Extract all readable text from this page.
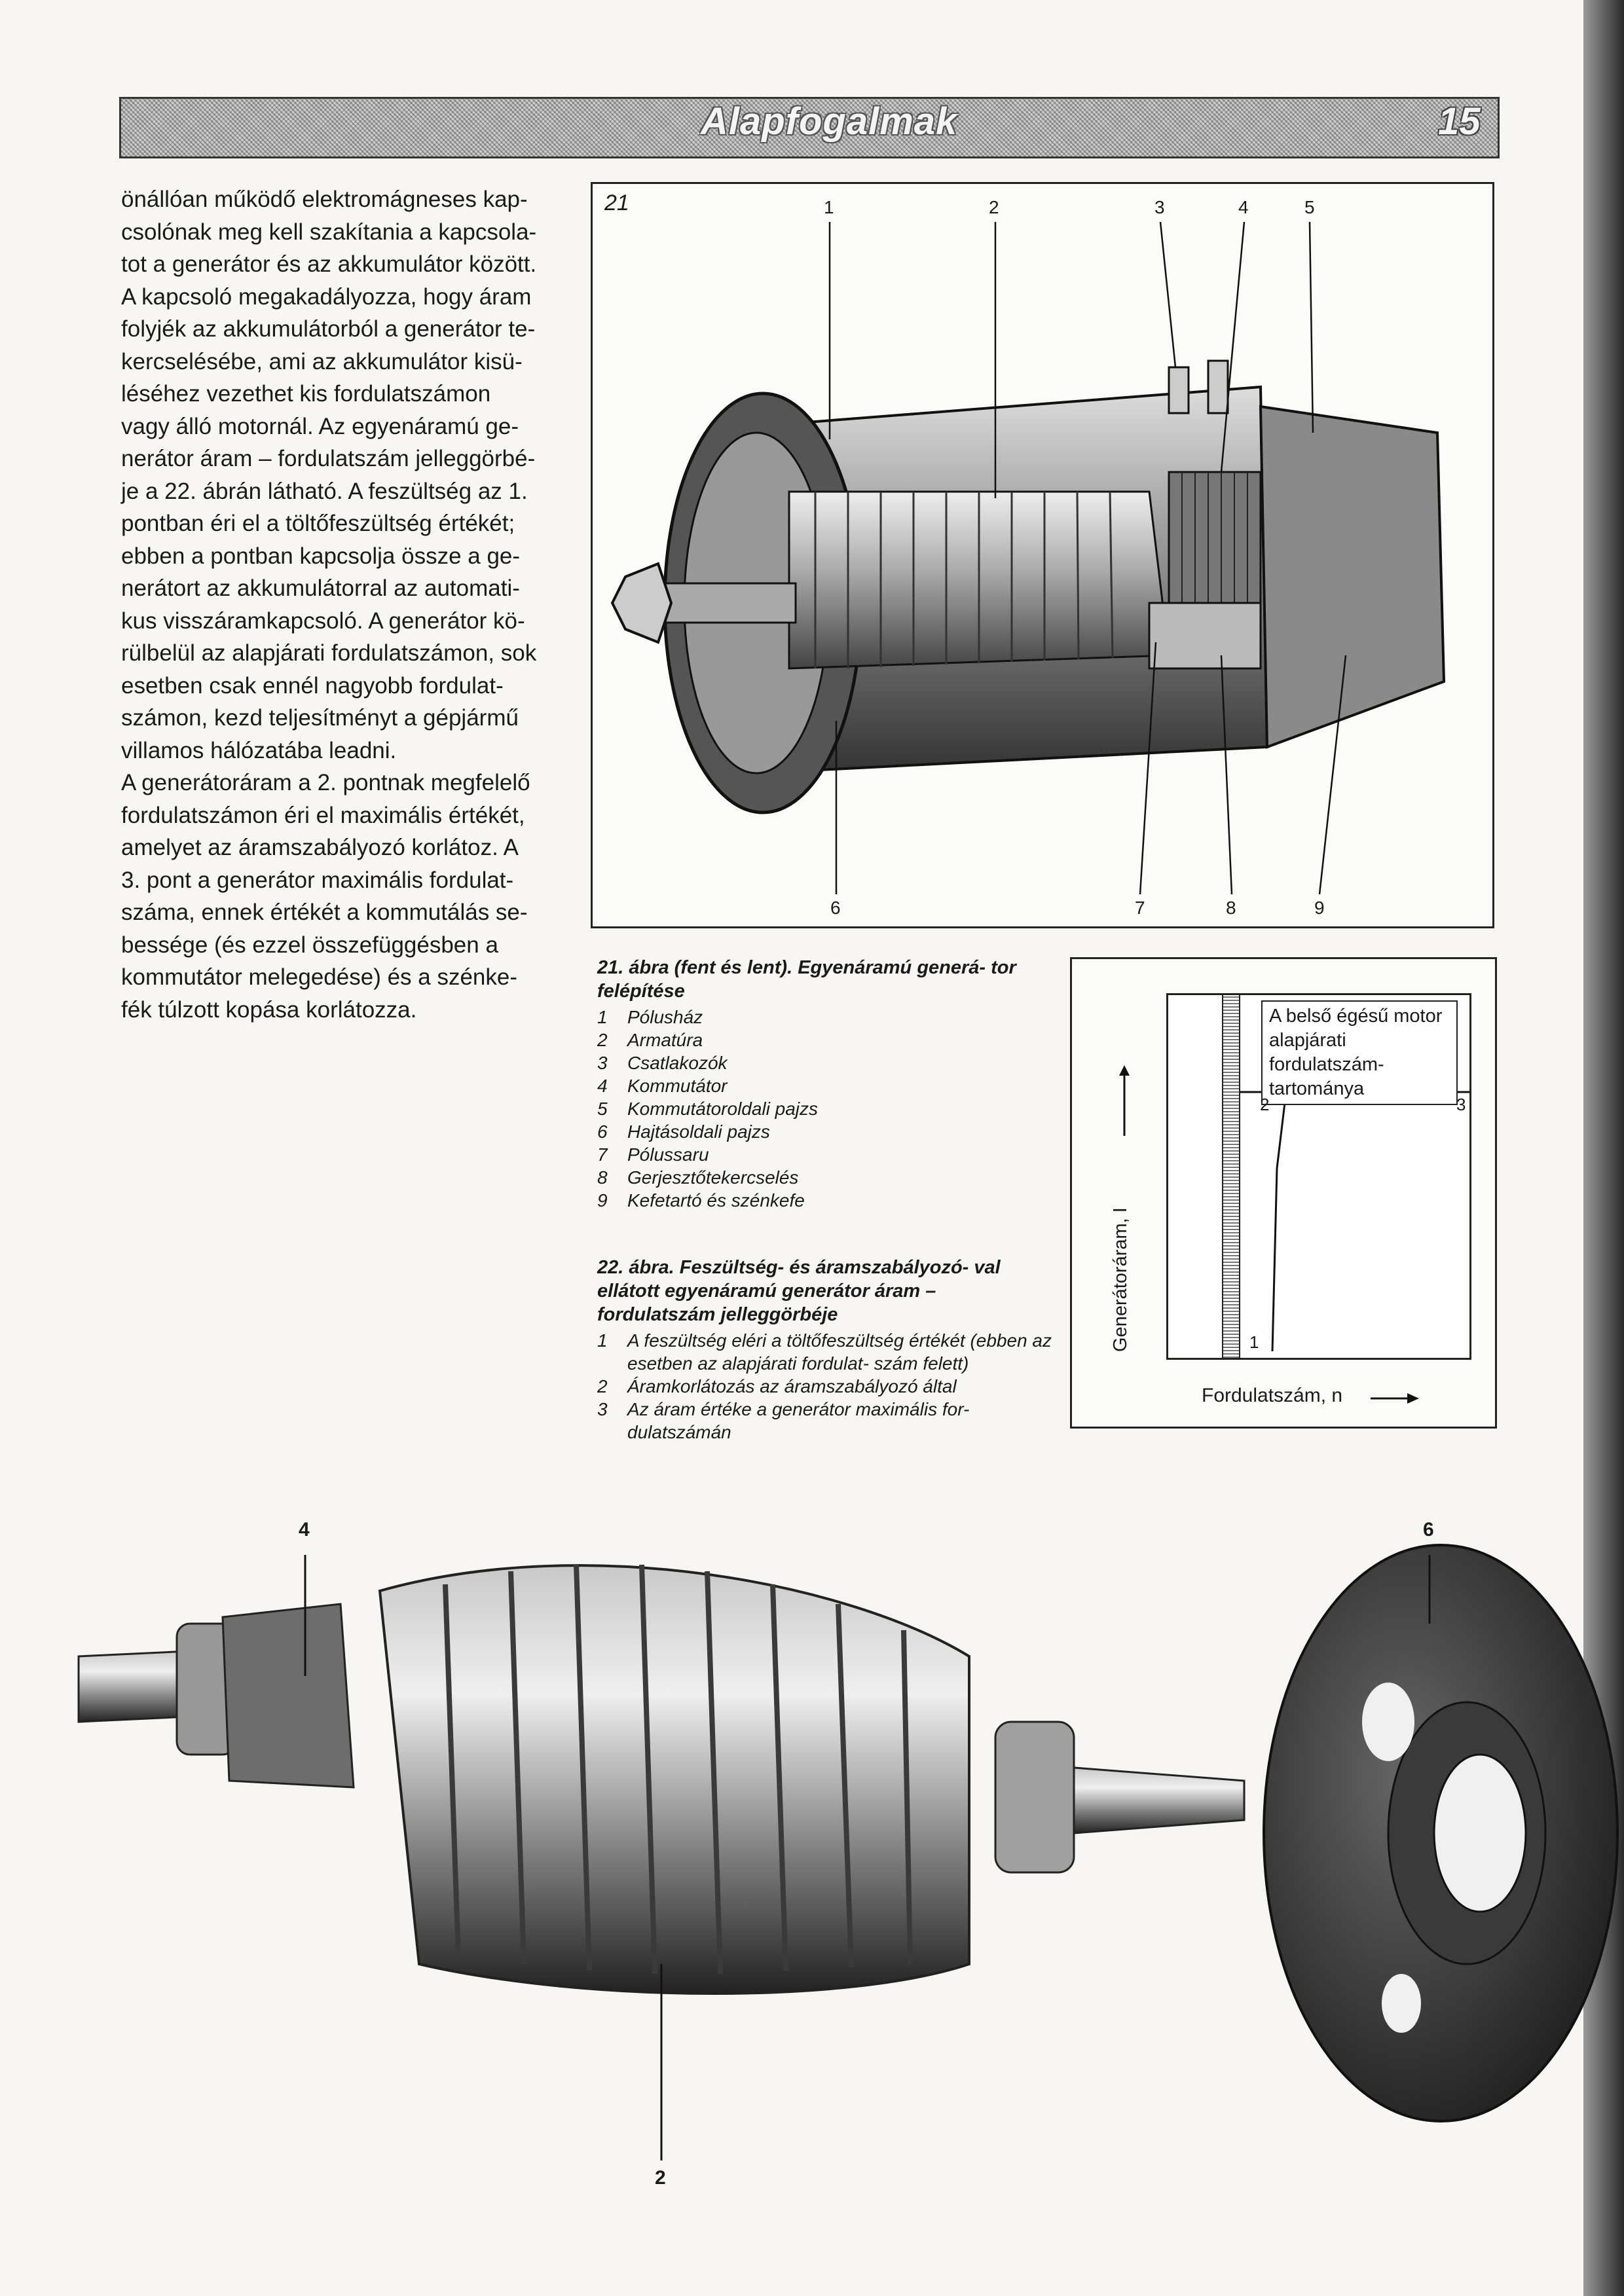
Alapfogalmak	15

önállóan működő elektromágneses kap-
csolónak meg kell szakítania a kapcsola-
tot a generátor és az akkumulátor között.
A kapcsoló megakadályozza, hogy áram
folyjék az akkumulátorból a generátor te-
kercselésébe, ami az akkumulátor kisü-
léséhez vezethet kis fordulatszámon
vagy álló motornál. Az egyenáramú ge-
nerátor áram – fordulatszám jelleggörbé-
je a 22. ábrán látható. A feszültség az 1.
pontban éri el a töltőfeszültség értékét;
ebben a pontban kapcsolja össze a ge-
nerátort az akkumulátorral az automati-
kus visszáramkapcsoló. A generátor kö-
rülbelül az alapjárati fordulatszámon, sok
esetben csak ennél nagyobb fordulat-
számon, kezd teljesítményt a gépjármű
villamos hálózatába leadni.
A generátoráram a 2. pontnak megfelelő
fordulatszámon éri el maximális értékét,
amelyet az áramszabályozó korlátoz. A
3. pont a generátor maximális fordulat-
száma, ennek értékét a kommutálás se-
bessége (és ezzel összefüggésben a
kommutátor melegedése) és a szénke-
fék túlzott kopása korlátozza.

21	1	2	3	4	5
6	7	8	9
21. ábra (fent és lent). Egyenáramú generá- tor felépítése
1 Pólusház
2 Armatúra
3 Csatlakozók
4 Kommutátor
5 Kommutátoroldali pajzs
6 Hajtásoldali pajzs
7 Pólussaru
8 Gerjesztőtekercselés
9 Kefetartó és szénkefe
22. ábra. Feszültség- és áramszabályozó- val ellátott egyenáramú generátor áram – fordulatszám jelleggörbéje
1 A feszültség eléri a töltőfeszültség értékét (ebben az esetben az alapjárati fordulat- szám felett)
2 Áramkorlátozás az áramszabályozó által
3 Az áram értéke a generátor maximális for- dulatszámán
A belső égésű motor alapjárati fordulatszám- tartománya
1
2	3
Generátoráram, I
Fordulatszám, n
4	6
2
